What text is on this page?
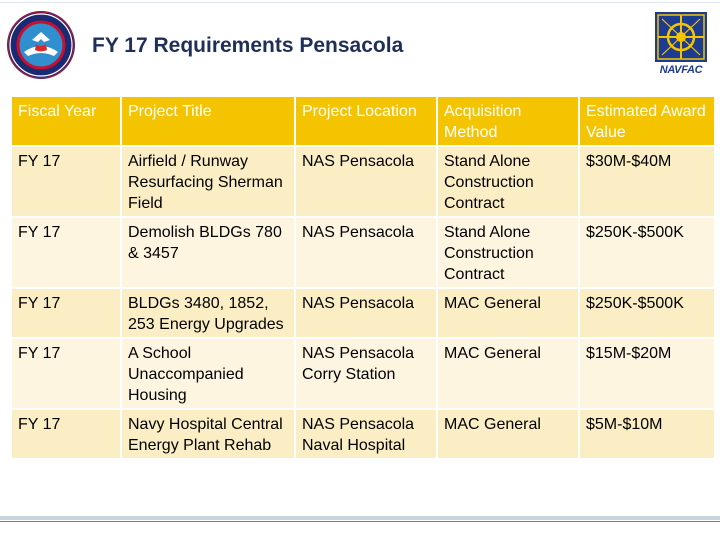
FY 17 Requirements Pensacola
NAVFAC
Fiscal Year	Project Title	Project Location	Acquisition Method	Estimated Award Value
FY 17	Airfield / Runway Resurfacing Sherman Field	NAS Pensacola	Stand Alone Construction Contract	$30M-$40M
FY 17	Demolish BLDGs 780 & 3457	NAS Pensacola	Stand Alone Construction Contract	$250K-$500K
FY 17	BLDGs 3480, 1852, 253 Energy Upgrades	NAS Pensacola	MAC General	$250K-$500K
FY 17	A School Unaccompanied Housing	NAS Pensacola Corry Station	MAC General	$15M-$20M
FY 17	Navy Hospital Central Energy Plant Rehab	NAS Pensacola Naval Hospital	MAC General	$5M-$10M
